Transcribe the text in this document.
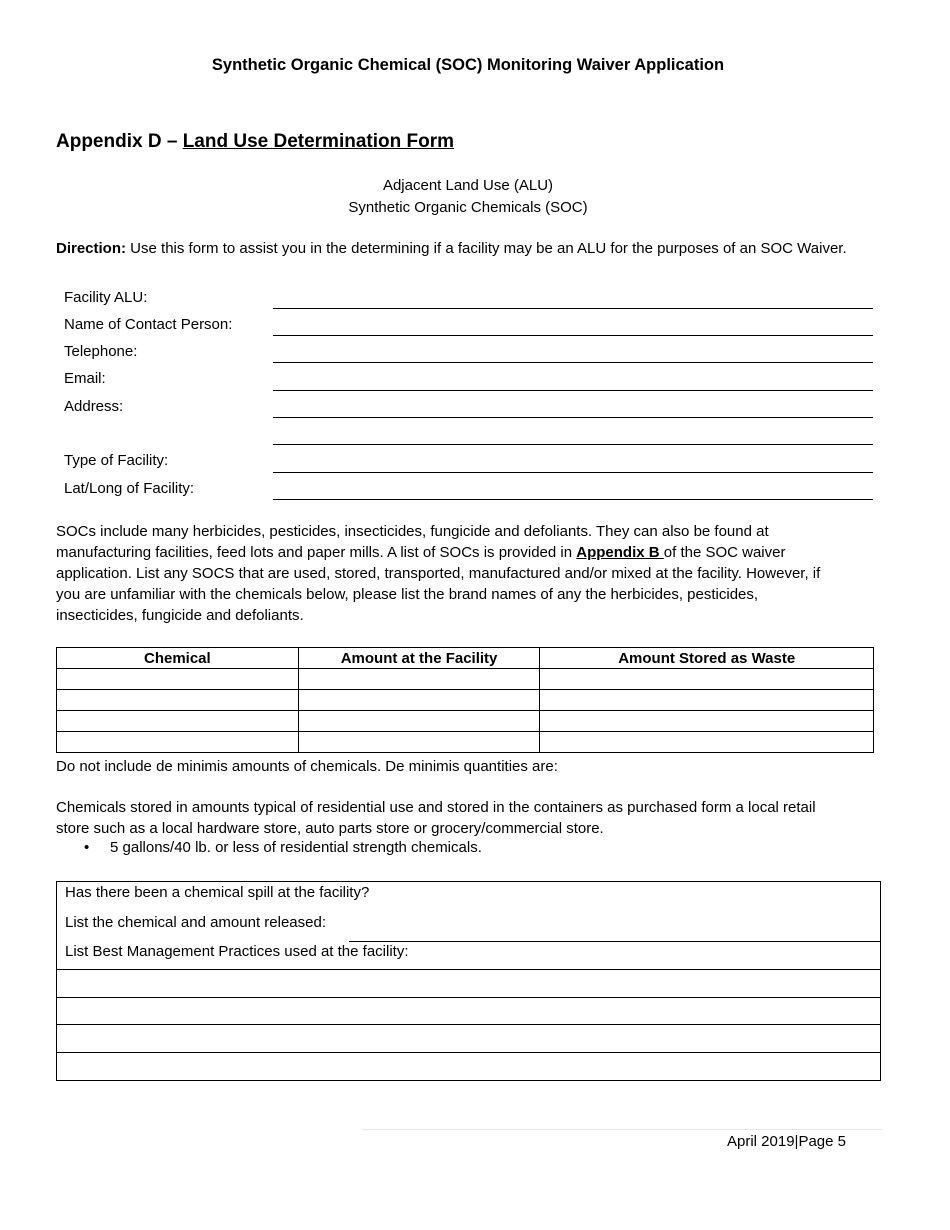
Synthetic Organic Chemical (SOC) Monitoring Waiver Application
Appendix D – Land Use Determination Form
Adjacent Land Use (ALU)
Synthetic Organic Chemicals (SOC)
Direction: Use this form to assist you in the determining if a facility may be an ALU for the purposes of an SOC Waiver.
Facility ALU:
Name of Contact Person:
Telephone:
Email:
Address:
Type of Facility:
Lat/Long of Facility:
SOCs include many herbicides, pesticides, insecticides, fungicide and defoliants. They can also be found at
manufacturing facilities, feed lots and paper mills. A list of SOCs is provided in Appendix B of the SOC waiver
application. List any SOCS that are used, stored, transported, manufactured and/or mixed at the facility. However, if
you are unfamiliar with the chemicals below, please list the brand names of any the herbicides, pesticides,
insecticides, fungicide and defoliants.
Chemical	Amount at the Facility	Amount Stored as Waste

Do not include de minimis amounts of chemicals. De minimis quantities are:
Chemicals stored in amounts typical of residential use and stored in the containers as purchased form a local retail
store such as a local hardware store, auto parts store or grocery/commercial store.
• 5 gallons/40 lb. or less of residential strength chemicals.
Has there been a chemical spill at the facility?
List the chemical and amount released:
List Best Management Practices used at the facility:
April 2019|Page 5
